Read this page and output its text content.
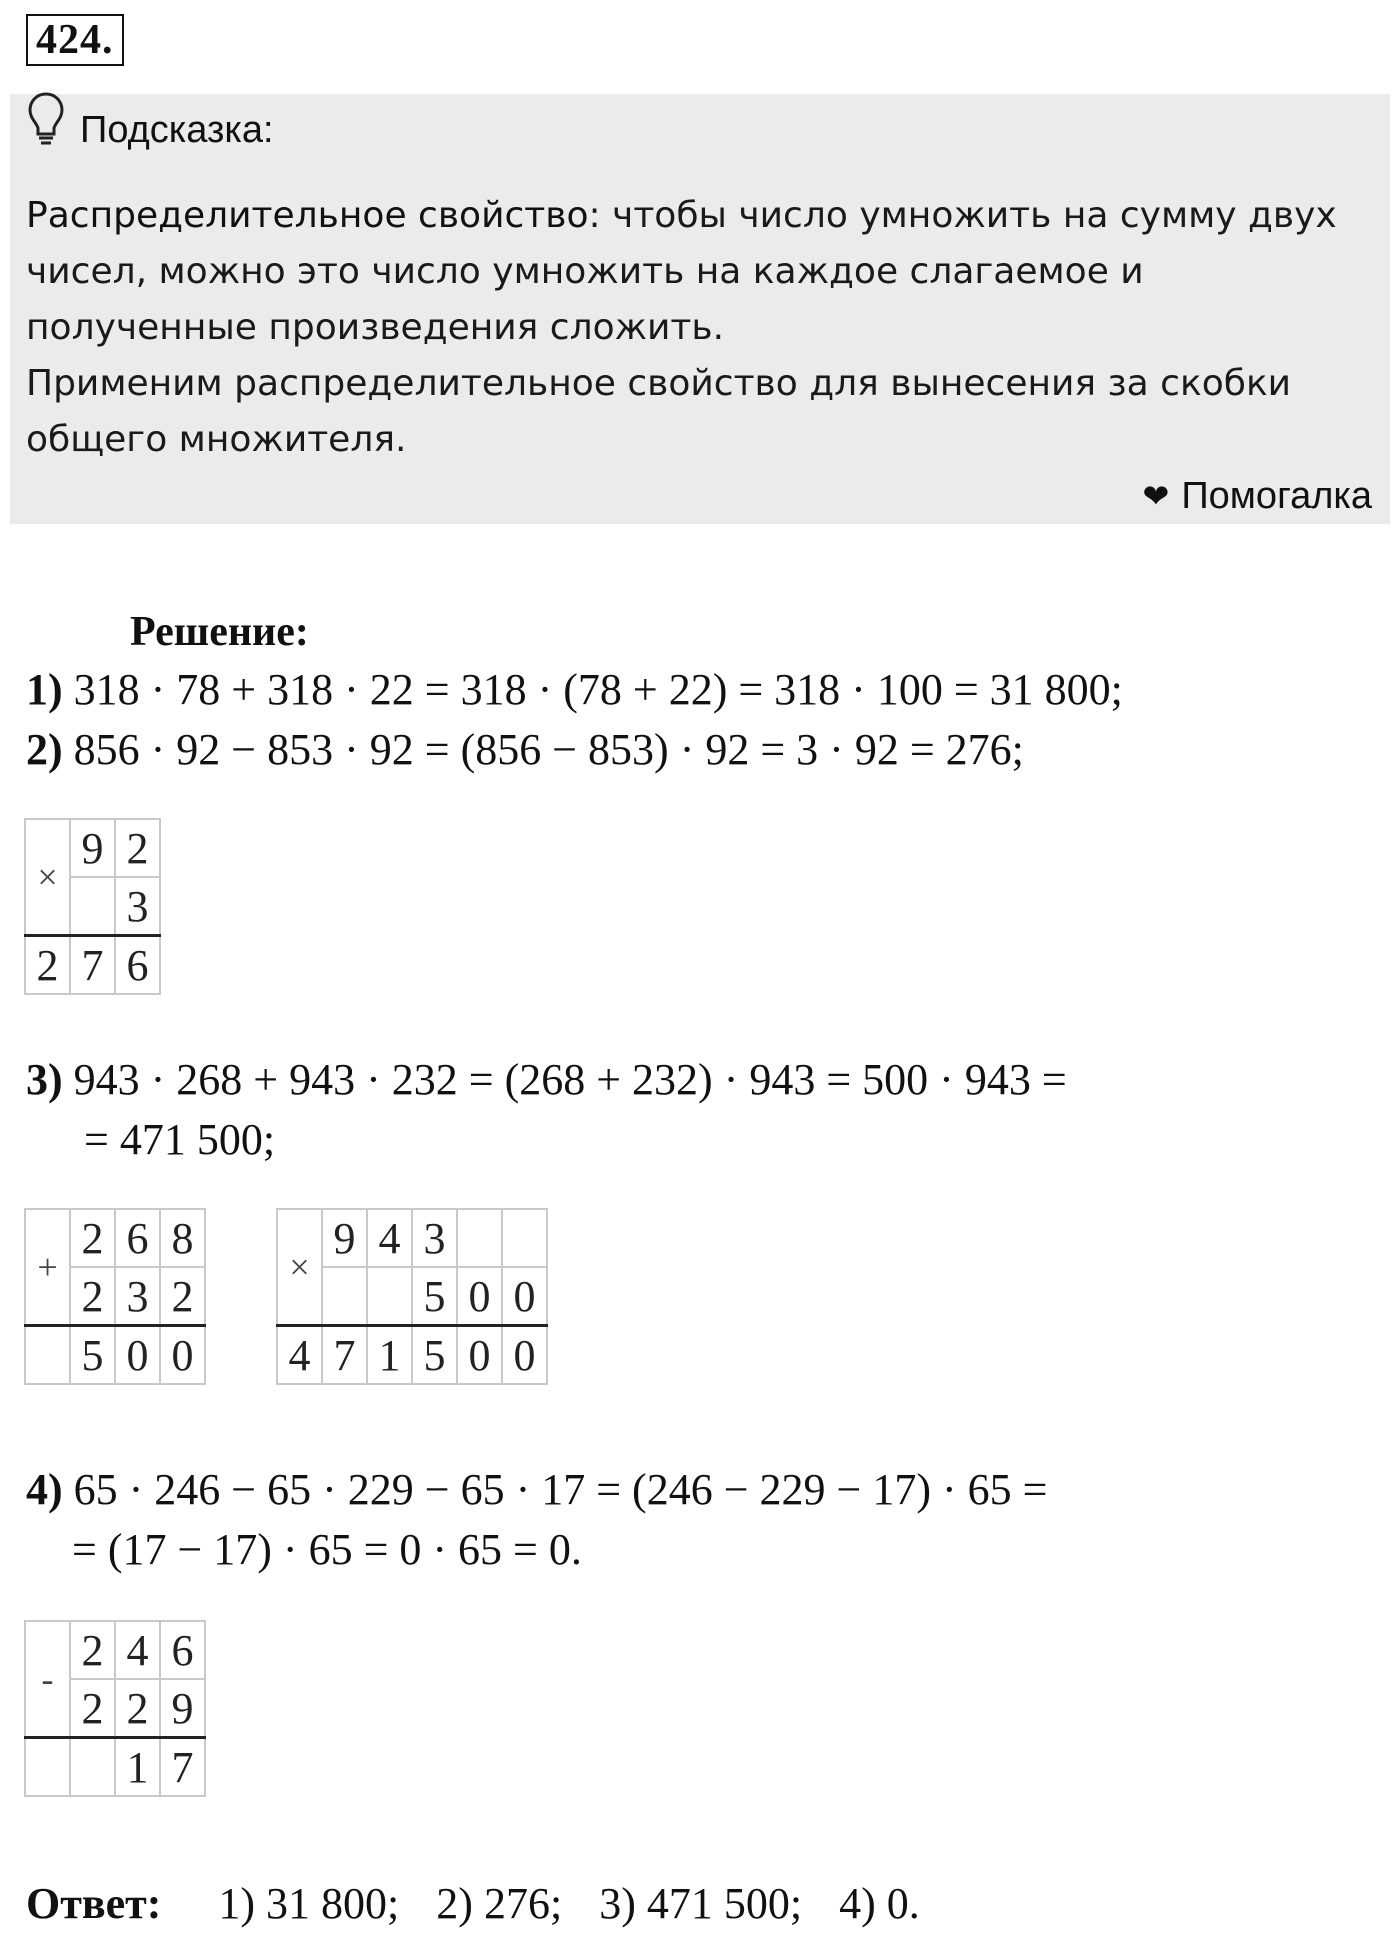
424.
Подсказка:
Распределительное свойство: чтобы число умножить на сумму двух чисел, можно это число умножить на каждое слагаемое и полученные произведения сложить.
Применим распределительное свойство для вынесения за скобки общего множителя.
❤ Помогалка
Решение:
1) 318 · 78 + 318 · 22 = 318 · (78 + 22) = 318 · 100 = 31 800;
2) 856 · 92 − 853 · 92 = (856 − 853) · 92 = 3 · 92 = 276;
×	9	2
		3
2	7	6
3) 943 · 268 + 943 · 232 = (268 + 232) · 943 = 500 · 943 =
= 471 500;
+	2	6	8
	2	3	2
	5	0	0
×	9	4	3		
			5	0	0
4	7	1	5	0	0
4) 65 · 246 − 65 · 229 − 65 · 17 = (246 − 229 − 17) · 65 =
= (17 − 17) · 65 = 0 · 65 = 0.
-	2	4	6
	2	2	9
		1	7
Ответ: 1) 31 800; 2) 276; 3) 471 500; 4) 0.
